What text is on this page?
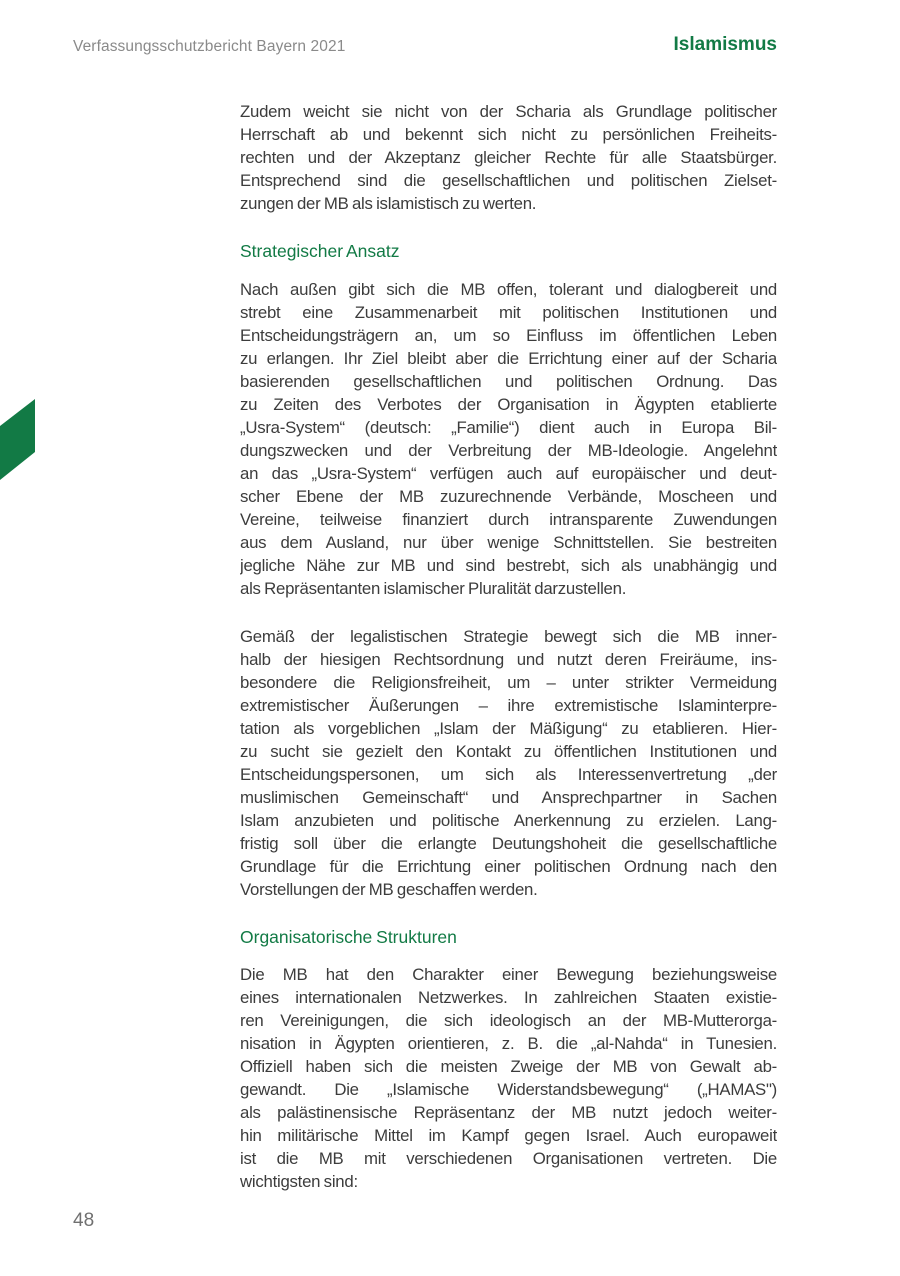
Verfassungsschutzbericht Bayern 2021	Islamismus
Zudem weicht sie nicht von der Scharia als Grundlage politischer
Herrschaft ab und bekennt sich nicht zu persönlichen Freiheits-
rechten und der Akzeptanz gleicher Rechte für alle Staatsbürger.
Entsprechend sind die gesellschaftlichen und politischen Zielset-
zungen der MB als islamistisch zu werten.
Strategischer Ansatz
Nach außen gibt sich die MB offen, tolerant und dialogbereit und
strebt eine Zusammenarbeit mit politischen Institutionen und
Entscheidungsträgern an, um so Einfluss im öffentlichen Leben
zu erlangen. Ihr Ziel bleibt aber die Errichtung einer auf der Scharia
basierenden gesellschaftlichen und politischen Ordnung. Das
zu Zeiten des Verbotes der Organisation in Ägypten etablierte
„Usra-System“ (deutsch: „Familie“) dient auch in Europa Bil-
dungszwecken und der Verbreitung der MB-Ideologie. Angelehnt
an das „Usra-System“ verfügen auch auf europäischer und deut-
scher Ebene der MB zuzurechnende Verbände, Moscheen und
Vereine, teilweise finanziert durch intransparente Zuwendungen
aus dem Ausland, nur über wenige Schnittstellen. Sie bestreiten
jegliche Nähe zur MB und sind bestrebt, sich als unabhängig und
als Repräsentanten islamischer Pluralität darzustellen.
Gemäß der legalistischen Strategie bewegt sich die MB inner-
halb der hiesigen Rechtsordnung und nutzt deren Freiräume, ins-
besondere die Religionsfreiheit, um – unter strikter Vermeidung
extremistischer Äußerungen – ihre extremistische Islaminterpre-
tation als vorgeblichen „Islam der Mäßigung“ zu etablieren. Hier-
zu sucht sie gezielt den Kontakt zu öffentlichen Institutionen und
Entscheidungspersonen, um sich als Interessenvertretung „der
muslimischen Gemeinschaft“ und Ansprechpartner in Sachen
Islam anzubieten und politische Anerkennung zu erzielen. Lang-
fristig soll über die erlangte Deutungshoheit die gesellschaftliche
Grundlage für die Errichtung einer politischen Ordnung nach den
Vorstellungen der MB geschaffen werden.
Organisatorische Strukturen
Die MB hat den Charakter einer Bewegung beziehungsweise
eines internationalen Netzwerkes. In zahlreichen Staaten existie-
ren Vereinigungen, die sich ideologisch an der MB-Mutterorga-
nisation in Ägypten orientieren, z. B. die „al-Nahda“ in Tunesien.
Offiziell haben sich die meisten Zweige der MB von Gewalt ab-
gewandt. Die „Islamische Widerstandsbewegung“ („HAMAS")
als palästinensische Repräsentanz der MB nutzt jedoch weiter-
hin militärische Mittel im Kampf gegen Israel. Auch europaweit
ist die MB mit verschiedenen Organisationen vertreten. Die
wichtigsten sind:
48
